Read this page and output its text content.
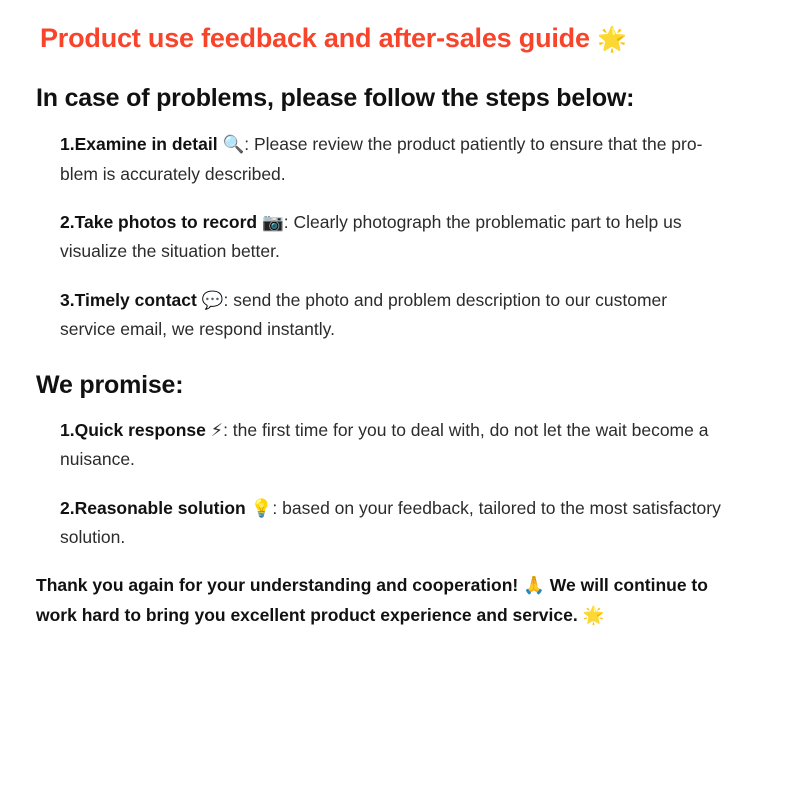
Product use feedback and after-sales guide 🌟
In case of problems, please follow the steps below:

1.Examine in detail 🔍: Please review the product patiently to ensure that the pro-blem is accurately described.

2.Take photos to record 📷: Clearly photograph the problematic part to help us visualize the situation better.

3.Timely contact 💬: send the photo and problem description to our customer service email, we respond instantly.

We promise:

1.Quick response ⚡: the first time for you to deal with, do not let the wait become a nuisance.

2.Reasonable solution 💡: based on your feedback, tailored to the most satisfactory solution.

Thank you again for your understanding and cooperation! 🙏 We will continue to work hard to bring you excellent product experience and service. 🌟
